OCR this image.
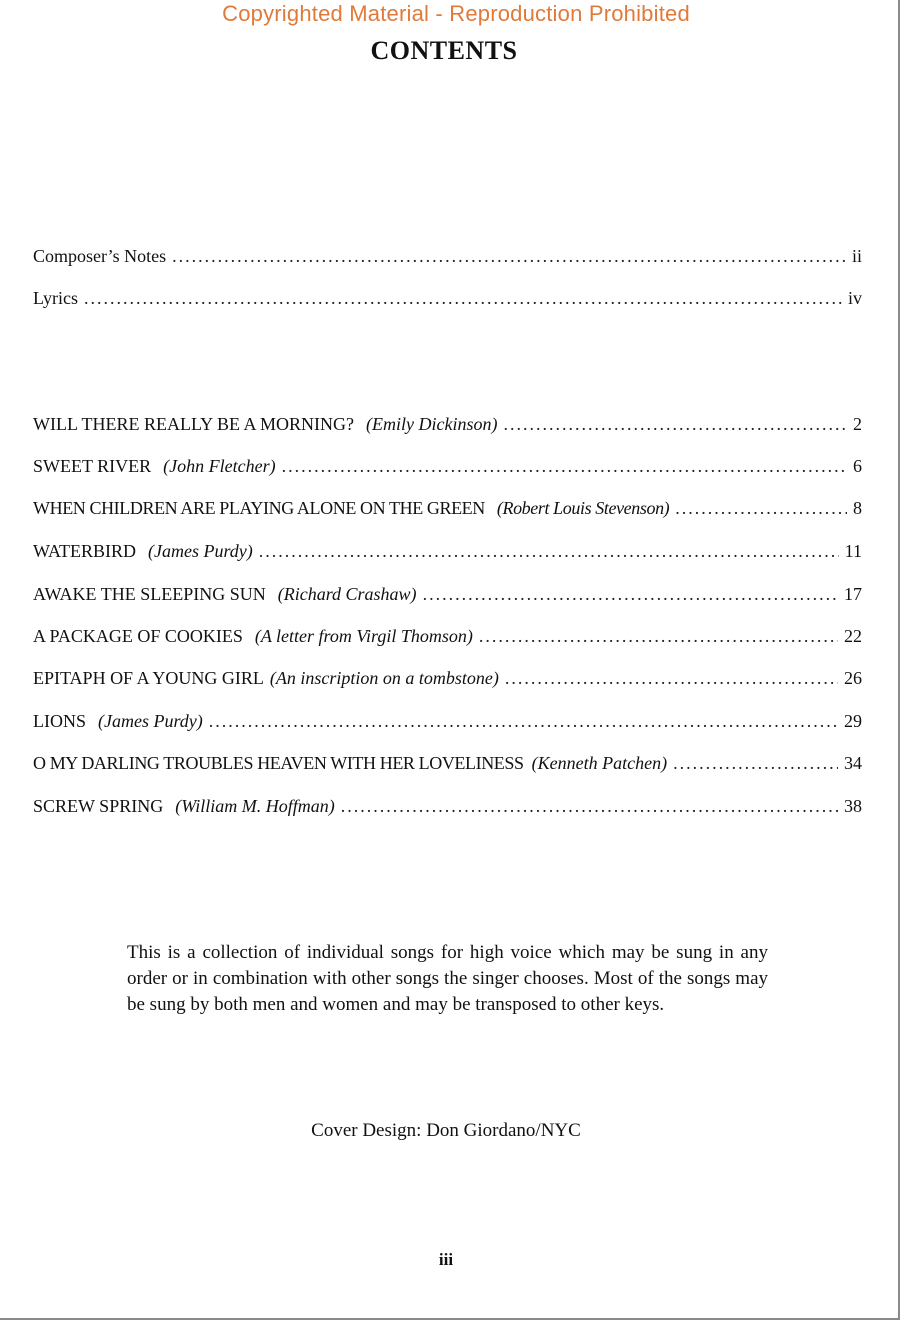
Copyrighted Material - Reproduction Prohibited
CONTENTS
Composer’s Notes .....	ii
Lyrics .....	iv
WILL THERE REALLY BE A MORNING? (Emily Dickinson) .....	2
SWEET RIVER (John Fletcher) .....	6
WHEN CHILDREN ARE PLAYING ALONE ON THE GREEN (Robert Louis Stevenson) .....	8
WATERBIRD (James Purdy) .....	11
AWAKE THE SLEEPING SUN (Richard Crashaw) .....	17
A PACKAGE OF COOKIES (A letter from Virgil Thomson) .....	22
EPITAPH OF A YOUNG GIRL (An inscription on a tombstone) .....	26
LIONS (James Purdy) .....	29
O MY DARLING TROUBLES HEAVEN WITH HER LOVELINESS (Kenneth Patchen) .....	34
SCREW SPRING (William M. Hoffman) .....	38
This is a collection of individual songs for high voice which may be sung in any order or in combination with other songs the singer chooses. Most of the songs may be sung by both men and women and may be transposed to other keys.
Cover Design: Don Giordano/NYC
iii
